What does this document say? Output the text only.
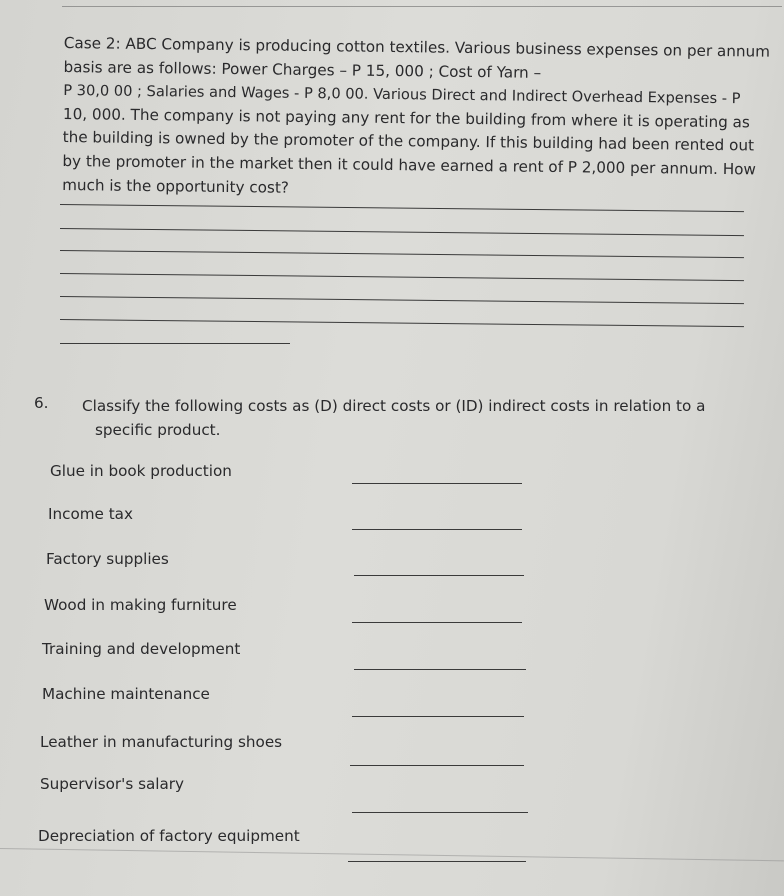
Case 2: ABC Company is producing cotton textiles. Various business expenses on per annum
basis are as follows: Power Charges – P 15, 000 ; Cost of Yarn –
P 30,0 00 ; Salaries and Wages - P 8,0 00. Various Direct and Indirect Overhead Expenses - P
10, 000. The company is not paying any rent for the building from where it is operating as
the building is owned by the promoter of the company. If this building had been rented out
by the promoter in the market then it could have earned a rent of P 2,000 per annum. How
much is the opportunity cost?
6. Classify the following costs as (D) direct costs or (ID) indirect costs in relation to a
specific product.
Glue in book production
Income tax
Factory supplies
Wood in making furniture
Training and development
Machine maintenance
Leather in manufacturing shoes
Supervisor's salary
Depreciation of factory equipment
